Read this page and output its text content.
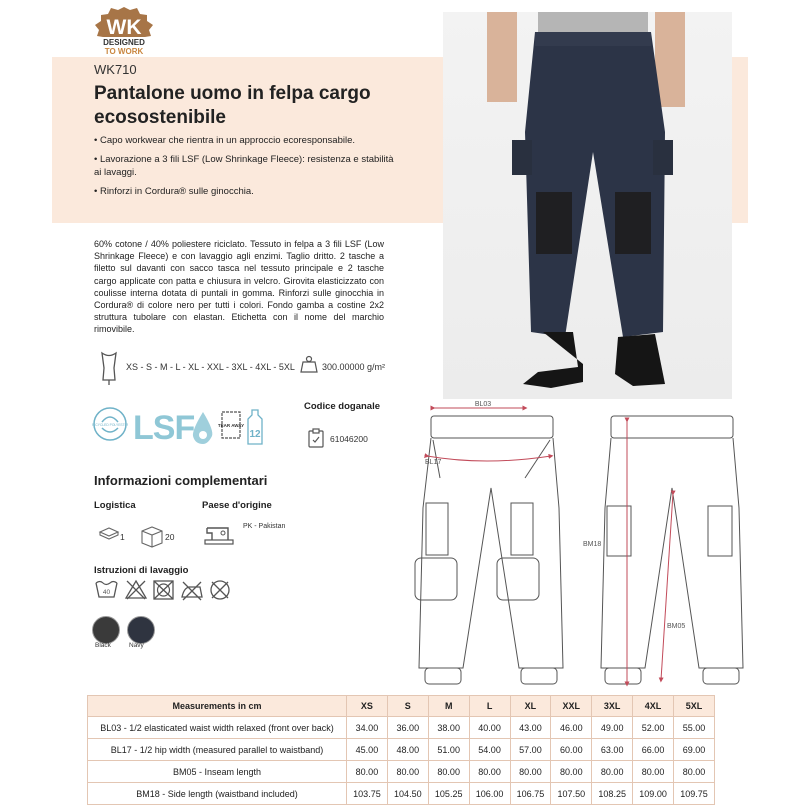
WK
DESIGNED
TO WORK
WK710
Pantalone uomo in felpa cargo
ecosostenibile

• Capo workwear che rientra in un approccio ecoresponsabile.

• Lavorazione a 3 fili LSF (Low Shrinkage Fleece): resistenza e stabilità ai lavaggi.

• Rinforzi in Cordura® sulle ginocchia.

60% cotone / 40% poliestere riciclato. Tessuto in felpa a 3 fili LSF (Low Shrinkage Fleece) e con lavaggio agli enzimi. Taglio dritto. 2 tasche a filetto sul davanti con sacco tasca nel tessuto principale e 2 tasche cargo applicate con patta e chiusura in velcro. Girovita elasticizzato con coulisse interna dotata di puntali in gomma. Rinforzi sulle ginocchia in Cordura® di colore nero per tutti i colori. Fondo gamba a costine 2x2 struttura tubolare con elastan. Etichetta con il nome del marchio rimovibile.
XS - S - M - L - XL - XXL - 3XL - 4XL - 5XL	300.00000 g/m²
RECYCLED POLYESTER LSF	TEAR AWAY
12
Codice doganale
61046200
Informazioni complementari
Logistica
1	20
Paese d'origine
PK - Pakistan
Istruzioni di lavaggio
40
Black	Navy
BL03
BL17
BM18
BM05
Measurements in cm	XS	S	M	L	XL	XXL	3XL	4XL	5XL
BL03 - 1/2 elasticated waist width relaxed (front over back)	34.00	36.00	38.00	40.00	43.00	46.00	49.00	52.00	55.00
BL17 - 1/2 hip width (measured parallel to waistband)	45.00	48.00	51.00	54.00	57.00	60.00	63.00	66.00	69.00
BM05 - Inseam length	80.00	80.00	80.00	80.00	80.00	80.00	80.00	80.00	80.00
BM18 - Side length (waistband included)	103.75	104.50	105.25	106.00	106.75	107.50	108.25	109.00	109.75
